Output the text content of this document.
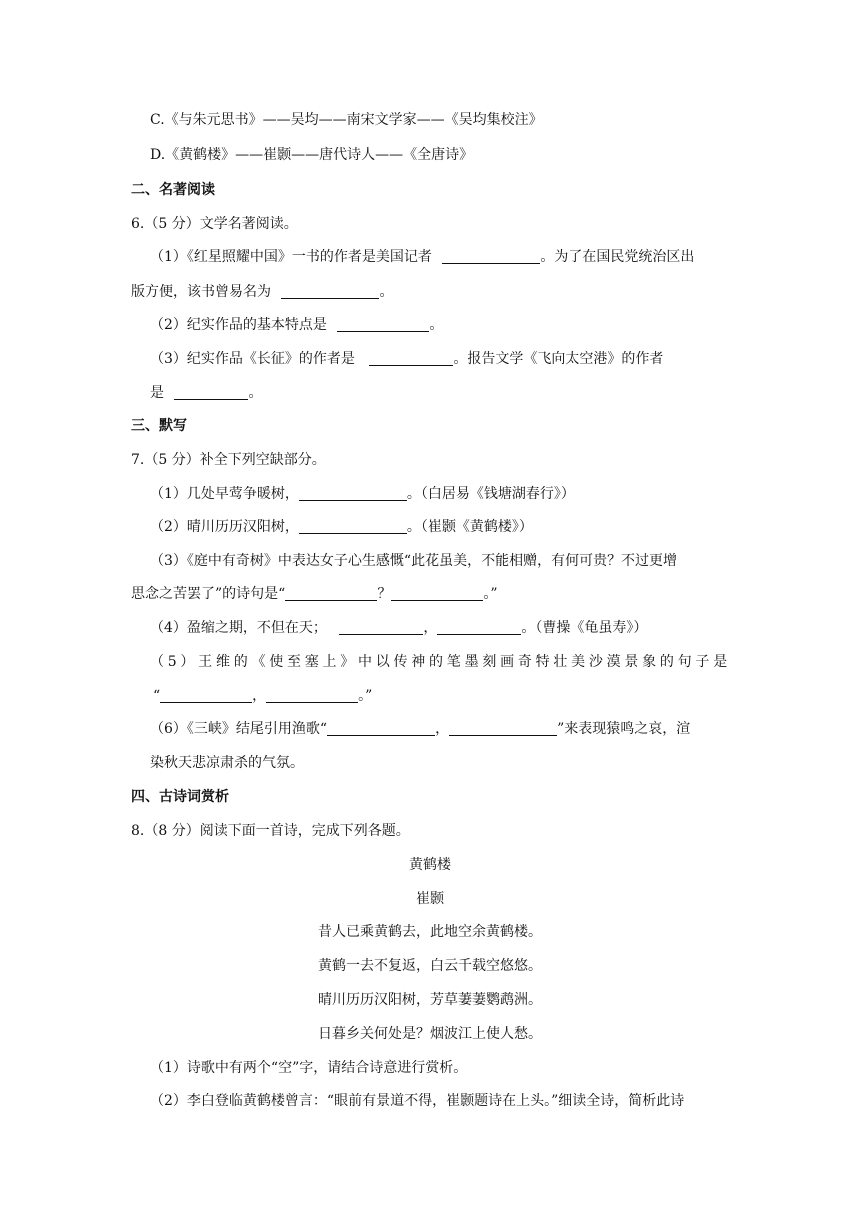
C.《与朱元思书》——吴均——南宋文学家——《吴均集校注》
D.《黄鹤楼》——崔颢——唐代诗人——《全唐诗》
二、名著阅读
6.（5 分）文学名著阅读。
（1）《红星照耀中国》一书的作者是美国记者	。为了在国民党统治区出
版方便，该书曾易名为	。
（2）纪实作品的基本特点是	。
（3）纪实作品《长征》的作者是	。报告文学《飞向太空港》的作者
是	。
三、默写
7.（5 分）补全下列空缺部分。
（1）几处早莺争暖树，	。（白居易《钱塘湖春行》）
（2）晴川历历汉阳树，	。（崔颢《黄鹤楼》）
（3）《庭中有奇树》中表达女子心生感慨“此花虽美，不能相赠，有何可贵？不过更增
思念之苦罢了”的诗句是“	？	。”
（4）盈缩之期，不但在天；	，	。（曹操《龟虽寿》）
（5）王维的《使至塞上》中以传神的笔墨刻画奇特壮美沙漠景象的句子是
“	，	。”
（6）《三峡》结尾引用渔歌“	，	”来表现猿鸣之哀，渲
染秋天悲凉肃杀的气氛。
四、古诗词赏析
8.（8 分）阅读下面一首诗，完成下列各题。
黄鹤楼
崔颢
昔人已乘黄鹤去，此地空余黄鹤楼。
黄鹤一去不复返，白云千载空悠悠。
晴川历历汉阳树，芳草萋萋鹦鹉洲。
日暮乡关何处是？烟波江上使人愁。
（1）诗歌中有两个“空”字，请结合诗意进行赏析。
（2）李白登临黄鹤楼曾言：“眼前有景道不得，崔颢题诗在上头。”细读全诗，简析此诗
